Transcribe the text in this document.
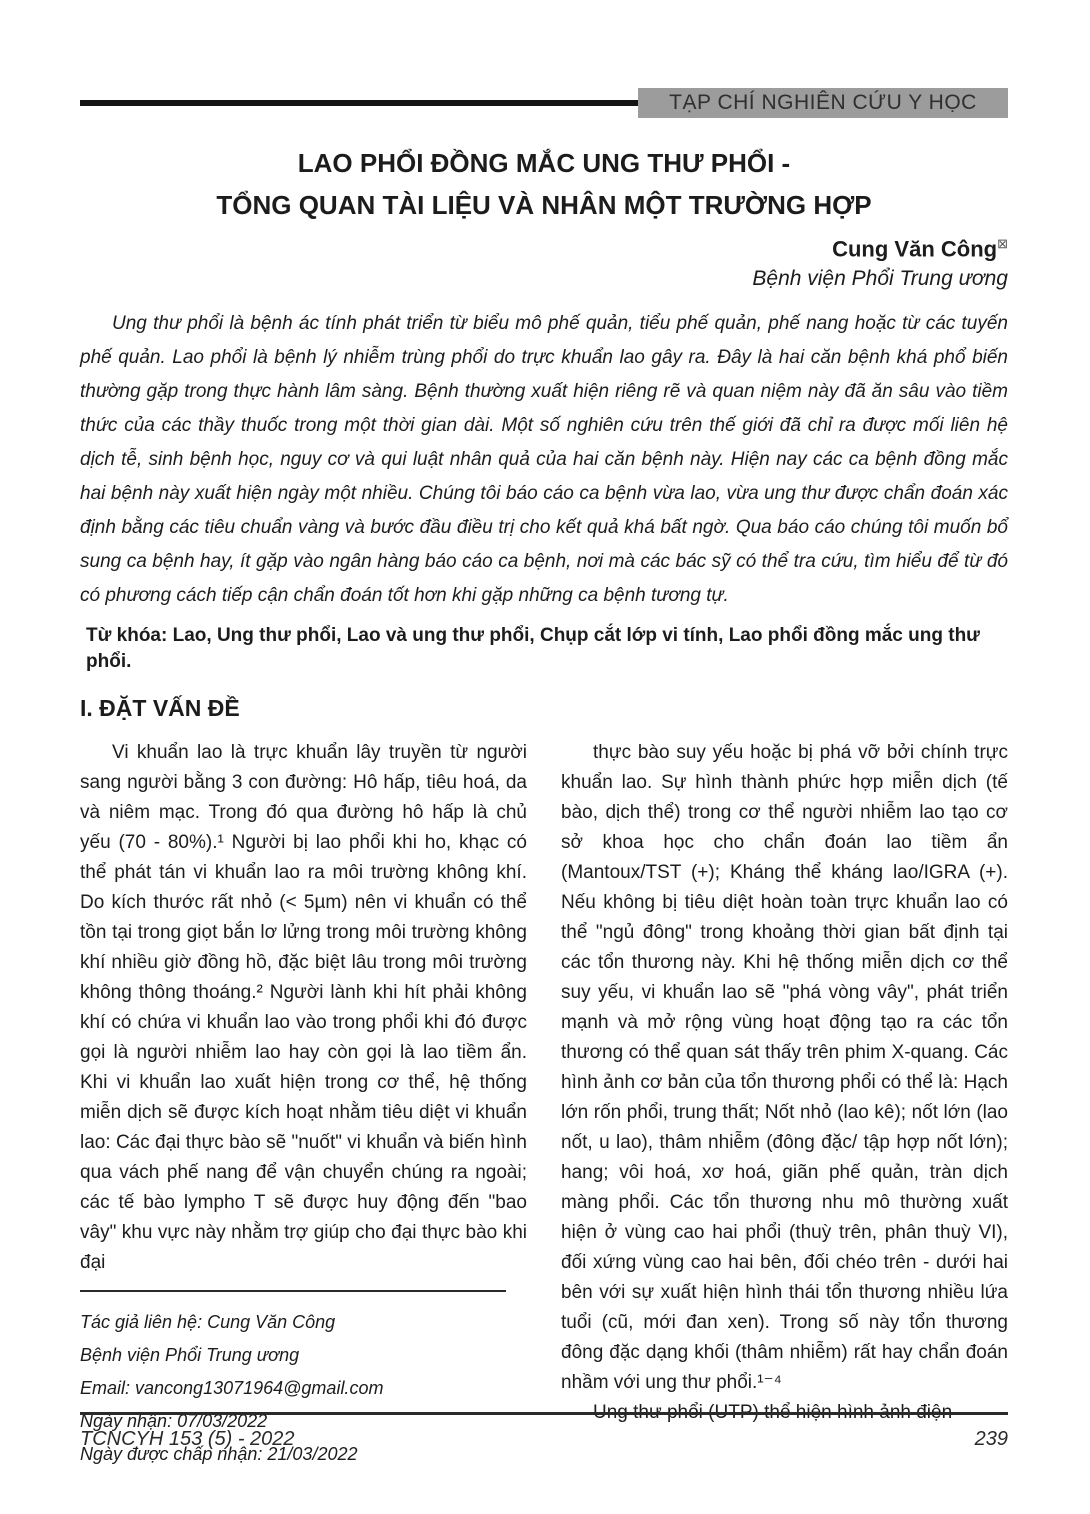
TẠP CHÍ NGHIÊN CỨU Y HỌC
LAO PHỔI ĐỒNG MẮC UNG THƯ PHỔI -
TỔNG QUAN TÀI LIỆU VÀ NHÂN MỘT TRƯỜNG HỢP
Cung Văn Công⊠
Bệnh viện Phổi Trung ương
Ung thư phổi là bệnh ác tính phát triển từ biểu mô phế quản, tiểu phế quản, phế nang hoặc từ các tuyến phế quản. Lao phổi là bệnh lý nhiễm trùng phổi do trực khuẩn lao gây ra. Đây là hai căn bệnh khá phổ biến thường gặp trong thực hành lâm sàng. Bệnh thường xuất hiện riêng rẽ và quan niệm này đã ăn sâu vào tiềm thức của các thầy thuốc trong một thời gian dài. Một số nghiên cứu trên thế giới đã chỉ ra được mối liên hệ dịch tễ, sinh bệnh học, nguy cơ và qui luật nhân quả của hai căn bệnh này. Hiện nay các ca bệnh đồng mắc hai bệnh này xuất hiện ngày một nhiều. Chúng tôi báo cáo ca bệnh vừa lao, vừa ung thư được chẩn đoán xác định bằng các tiêu chuẩn vàng và bước đầu điều trị cho kết quả khá bất ngờ. Qua báo cáo chúng tôi muốn bổ sung ca bệnh hay, ít gặp vào ngân hàng báo cáo ca bệnh, nơi mà các bác sỹ có thể tra cứu, tìm hiểu để từ đó có phương cách tiếp cận chẩn đoán tốt hơn khi gặp những ca bệnh tương tự.
Từ khóa: Lao, Ung thư phổi, Lao và ung thư phổi, Chụp cắt lớp vi tính, Lao phổi đồng mắc ung thư phổi.
I. ĐẶT VẤN ĐỀ

Vi khuẩn lao là trực khuẩn lây truyền từ người sang người bằng 3 con đường: Hô hấp, tiêu hoá, da và niêm mạc. Trong đó qua đường hô hấp là chủ yếu (70 - 80%).¹ Người bị lao phổi khi ho, khạc có thể phát tán vi khuẩn lao ra môi trường không khí. Do kích thước rất nhỏ (< 5µm) nên vi khuẩn có thể tồn tại trong giọt bắn lơ lửng trong môi trường không khí nhiều giờ đồng hồ, đặc biệt lâu trong môi trường không thông thoáng.² Người lành khi hít phải không khí có chứa vi khuẩn lao vào trong phổi khi đó được gọi là người nhiễm lao hay còn gọi là lao tiềm ẩn. Khi vi khuẩn lao xuất hiện trong cơ thể, hệ thống miễn dịch sẽ được kích hoạt nhằm tiêu diệt vi khuẩn lao: Các đại thực bào sẽ "nuốt" vi khuẩn và biến hình qua vách phế nang để vận chuyển chúng ra ngoài; các tế bào lympho T sẽ được huy động đến "bao vây" khu vực này nhằm trợ giúp cho đại thực bào khi đại

Tác giả liên hệ: Cung Văn Công
Bệnh viện Phổi Trung ương
Email: vancong13071964@gmail.com
Ngày nhận: 07/03/2022
Ngày được chấp nhận: 21/03/2022

thực bào suy yếu hoặc bị phá vỡ bởi chính trực khuẩn lao. Sự hình thành phức hợp miễn dịch (tế bào, dịch thể) trong cơ thể người nhiễm lao tạo cơ sở khoa học cho chẩn đoán lao tiềm ẩn (Mantoux/TST (+); Kháng thể kháng lao/IGRA (+). Nếu không bị tiêu diệt hoàn toàn trực khuẩn lao có thể "ngủ đông" trong khoảng thời gian bất định tại các tổn thương này. Khi hệ thống miễn dịch cơ thể suy yếu, vi khuẩn lao sẽ "phá vòng vây", phát triển mạnh và mở rộng vùng hoạt động tạo ra các tổn thương có thể quan sát thấy trên phim X-quang. Các hình ảnh cơ bản của tổn thương phổi có thể là: Hạch lớn rốn phổi, trung thất; Nốt nhỏ (lao kê); nốt lớn (lao nốt, u lao), thâm nhiễm (đông đặc/ tập hợp nốt lớn); hang; vôi hoá, xơ hoá, giãn phế quản, tràn dịch màng phổi. Các tổn thương nhu mô thường xuất hiện ở vùng cao hai phổi (thuỳ trên, phân thuỳ VI), đối xứng vùng cao hai bên, đối chéo trên - dưới hai bên với sự xuất hiện hình thái tổn thương nhiều lứa tuổi (cũ, mới đan xen). Trong số này tổn thương đông đặc dạng khối (thâm nhiễm) rất hay chẩn đoán nhầm với ung thư phổi.¹⁻⁴

Ung thư phổi (UTP) thể hiện hình ảnh điện

TCNCYH 153 (5) - 2022	239
